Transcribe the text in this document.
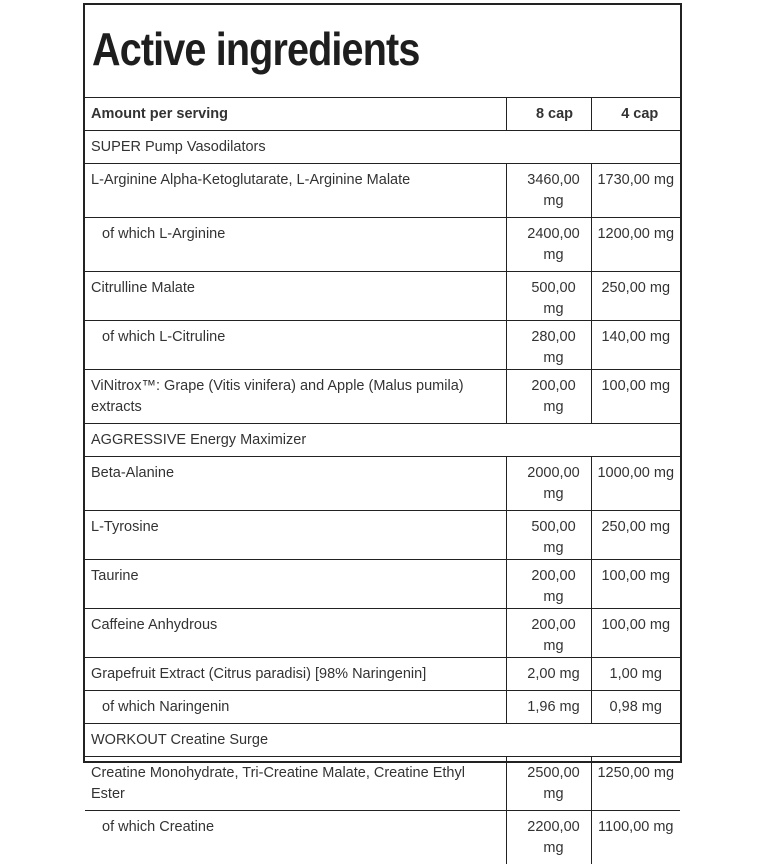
Active ingredients
Amount per serving	8 cap	4 cap
SUPER Pump Vasodilators		
L-Arginine Alpha-Ketoglutarate, L-Arginine Malate	3460,00 mg	1730,00 mg
of which L-Arginine	2400,00 mg	1200,00 mg
Citrulline Malate	500,00 mg	250,00 mg
of which L-Citruline	280,00 mg	140,00 mg
ViNitrox™: Grape (Vitis vinifera) and Apple (Malus pumila) extracts	200,00 mg	100,00 mg
AGGRESSIVE Energy Maximizer		
Beta-Alanine	2000,00 mg	1000,00 mg
L-Tyrosine	500,00 mg	250,00 mg
Taurine	200,00 mg	100,00 mg
Caffeine Anhydrous	200,00 mg	100,00 mg
Grapefruit Extract (Citrus paradisi) [98% Naringenin]	2,00 mg	1,00 mg
of which Naringenin	1,96 mg	0,98 mg
WORKOUT Creatine Surge		
Creatine Monohydrate, Tri-Creatine Malate, Creatine Ethyl Ester	2500,00 mg	1250,00 mg
of which Creatine	2200,00 mg	1100,00 mg
